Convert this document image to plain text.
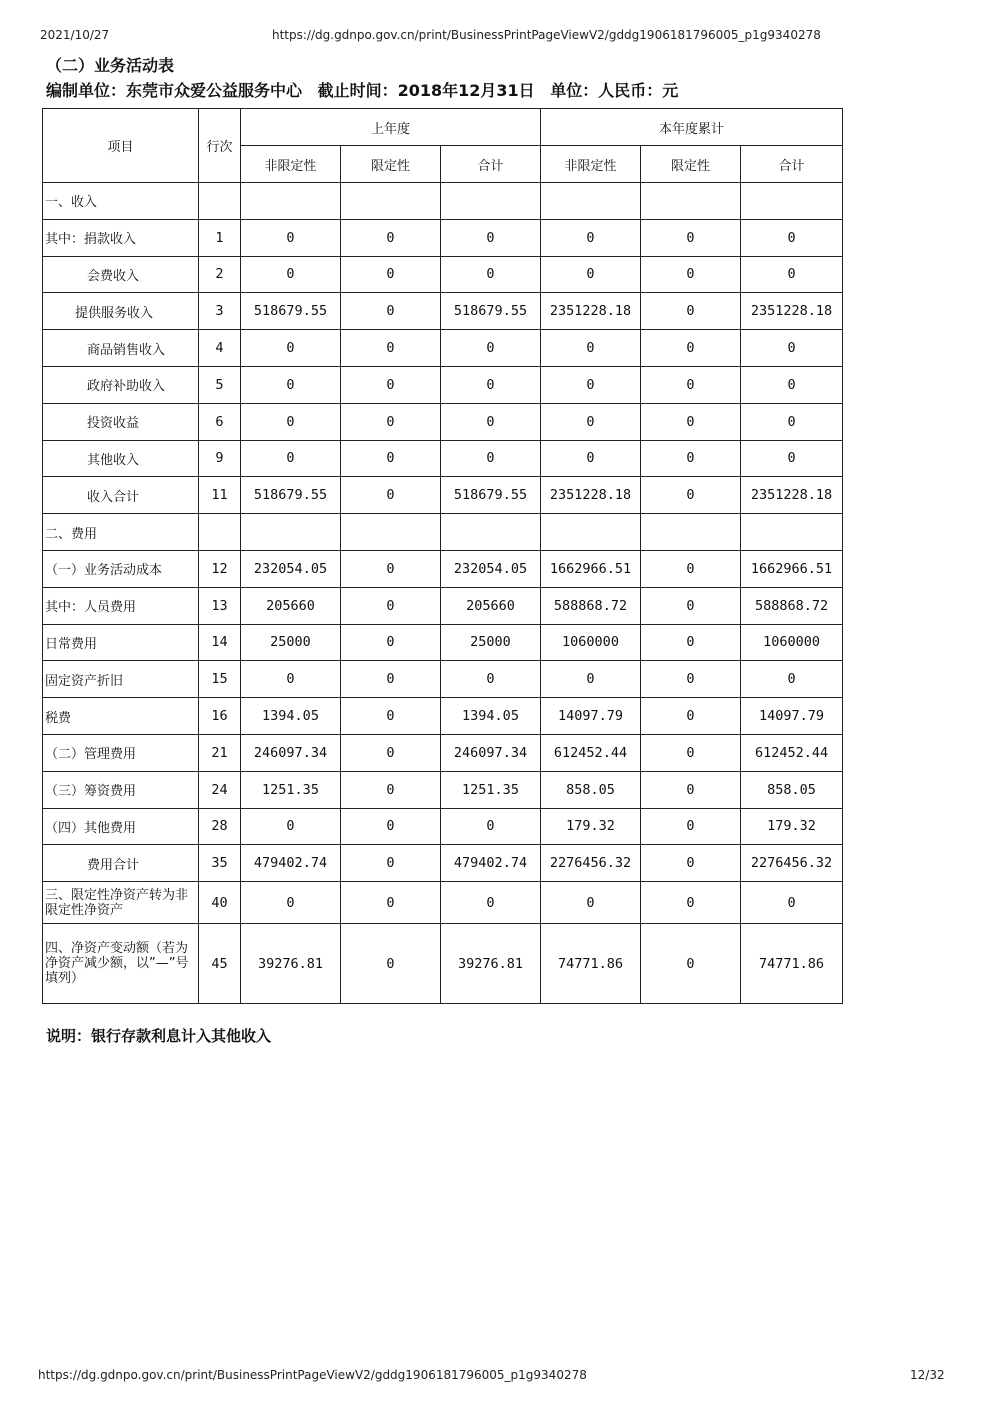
2021/10/27	https://dg.gdnpo.gov.cn/print/BusinessPrintPageViewV2/gddg1906181796005_p1g9340278
（二）业务活动表
编制单位：东莞市众爱公益服务中心 截止时间：2018年12月31日 单位：人民币：元
项目	行次	上年度			本年度累计		
		非限定性	限定性	合计	非限定性	限定性	合计
一、收入							
其中：捐款收入	1	0	0	0	0	0	0
会费收入	2	0	0	0	0	0	0
提供服务收入	3	518679.55	0	518679.55	2351228.18	0	2351228.18
商品销售收入	4	0	0	0	0	0	0
政府补助收入	5	0	0	0	0	0	0
投资收益	6	0	0	0	0	0	0
其他收入	9	0	0	0	0	0	0
收入合计	11	518679.55	0	518679.55	2351228.18	0	2351228.18
二、费用							
（一）业务活动成本	12	232054.05	0	232054.05	1662966.51	0	1662966.51
其中：人员费用	13	205660	0	205660	588868.72	0	588868.72
日常费用	14	25000	0	25000	1060000	0	1060000
固定资产折旧	15	0	0	0	0	0	0
税费	16	1394.05	0	1394.05	14097.79	0	14097.79
（二）管理费用	21	246097.34	0	246097.34	612452.44	0	612452.44
（三）筹资费用	24	1251.35	0	1251.35	858.05	0	858.05
（四）其他费用	28	0	0	0	179.32	0	179.32
费用合计	35	479402.74	0	479402.74	2276456.32	0	2276456.32
三、限定性净资产转为非限定性净资产	40	0	0	0	0	0	0
四、净资产变动额（若为净资产减少额，以”—”号填列）	45	39276.81	0	39276.81	74771.86	0	74771.86
说明：银行存款利息计入其他收入
https://dg.gdnpo.gov.cn/print/BusinessPrintPageViewV2/gddg1906181796005_p1g9340278	12/32
